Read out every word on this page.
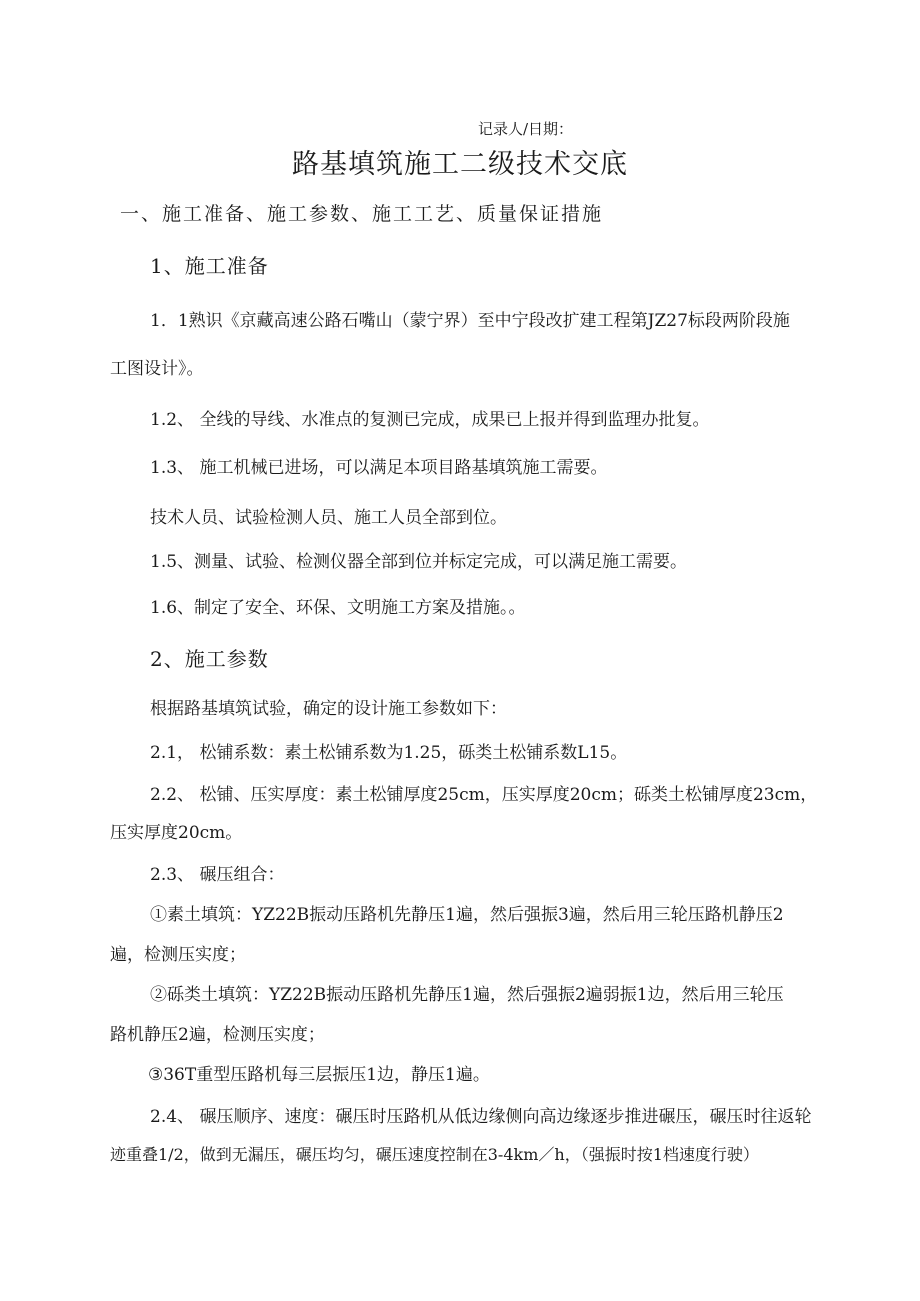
记录人/日期：

路基填筑施工二级技术交底

一、施工准备、施工参数、施工工艺、质量保证措施

1、施工准备

1．1熟识《京藏高速公路石嘴山（蒙宁界）至中宁段改扩建工程第JZ27标段两阶段施

工图设计》。

1.2、 全线的导线、水准点的复测已完成，成果已上报并得到监理办批复。

1.3、 施工机械已进场，可以满足本项目路基填筑施工需要。

技术人员、试验检测人员、施工人员全部到位。

1.5、测量、试验、检测仪器全部到位并标定完成，可以满足施工需要。

1.6、制定了安全、环保、文明施工方案及措施。。

2、施工参数

根据路基填筑试验，确定的设计施工参数如下：

2.1， 松铺系数：素土松铺系数为1.25，砾类土松铺系数L15。

2.2、 松铺、压实厚度：素土松铺厚度25cm，压实厚度20cm；砾类土松铺厚度23cm，

压实厚度20cm。

2.3、 碾压组合：

①素土填筑：YZ22B振动压路机先静压1遍，然后强振3遍，然后用三轮压路机静压2

遍，检测压实度；

②砾类土填筑：YZ22B振动压路机先静压1遍，然后强振2遍弱振1边，然后用三轮压

路机静压2遍，检测压实度；

③36T重型压路机每三层振压1边，静压1遍。

2.4、 碾压顺序、速度：碾压时压路机从低边缘侧向高边缘逐步推进碾压，碾压时往返轮

迹重叠1/2，做到无漏压，碾压均匀，碾压速度控制在3-4km／h，（强振时按1档速度行驶）
